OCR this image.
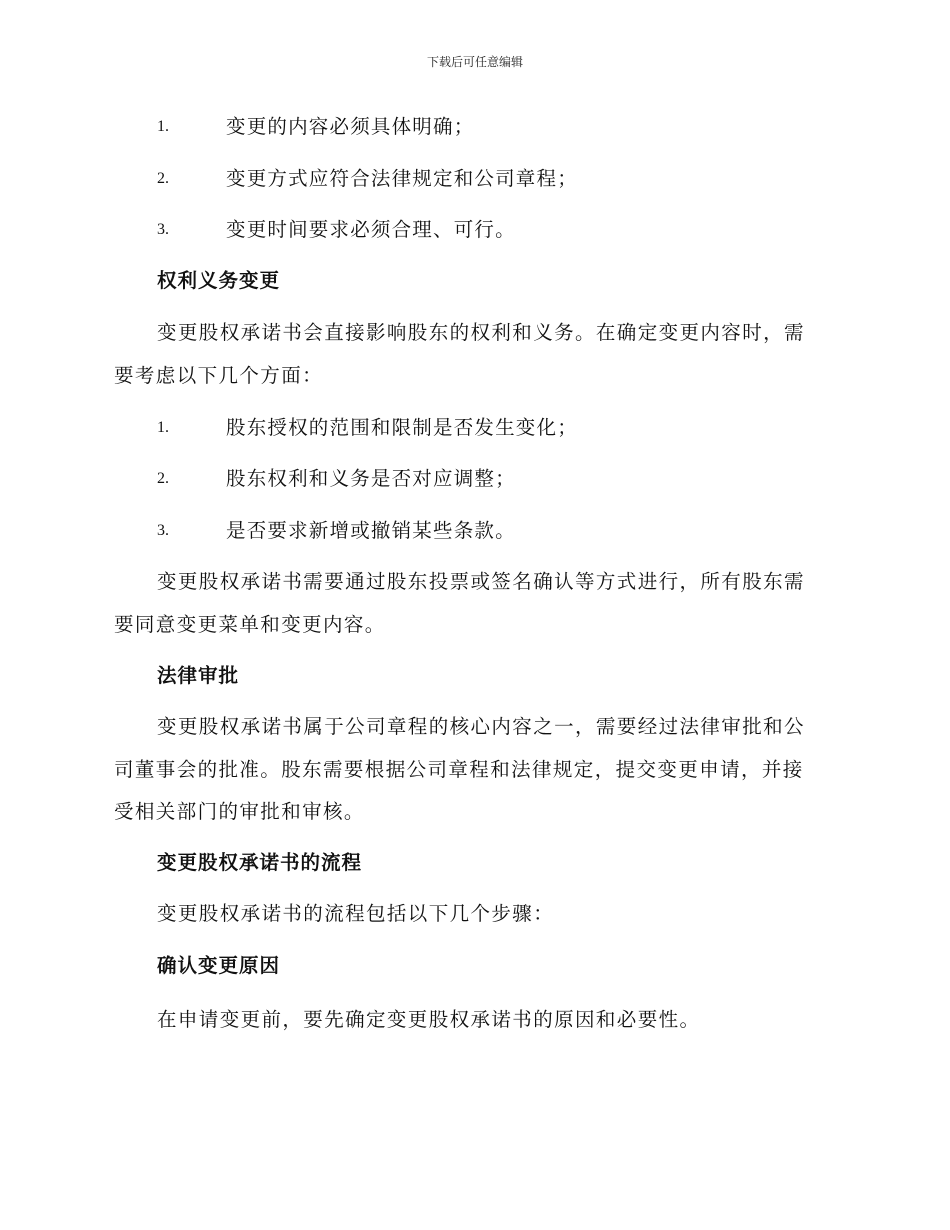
下载后可任意编辑
1.	变更的内容必须具体明确；
2.	变更方式应符合法律规定和公司章程；
3.	变更时间要求必须合理、可行。
权利义务变更
变更股权承诺书会直接影响股东的权利和义务。在确定变更内容时，需
要考虑以下几个方面：
1.	股东授权的范围和限制是否发生变化；
2.	股东权利和义务是否对应调整；
3.	是否要求新增或撤销某些条款。
变更股权承诺书需要通过股东投票或签名确认等方式进行，所有股东需
要同意变更菜单和变更内容。
法律审批
变更股权承诺书属于公司章程的核心内容之一，需要经过法律审批和公
司董事会的批准。股东需要根据公司章程和法律规定，提交变更申请，并接
受相关部门的审批和审核。
变更股权承诺书的流程
变更股权承诺书的流程包括以下几个步骤：
确认变更原因
在申请变更前，要先确定变更股权承诺书的原因和必要性。
